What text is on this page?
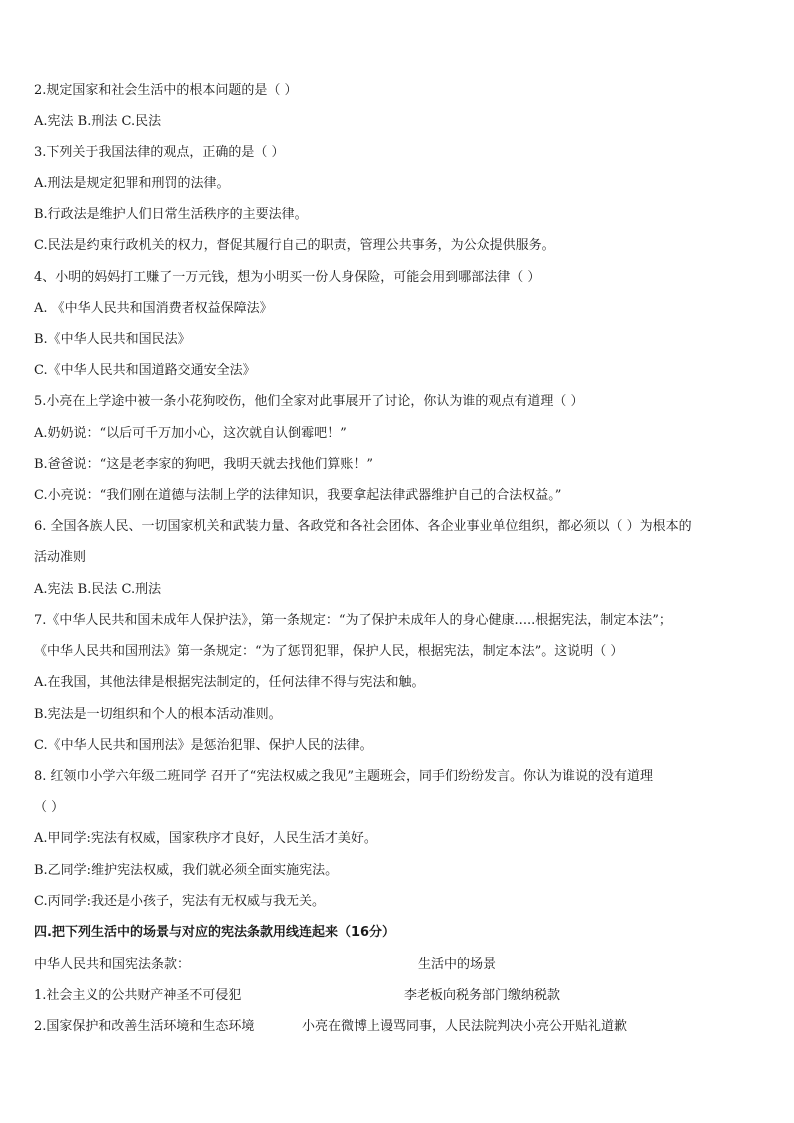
2.规定国家和社会生活中的根本问题的是（ ）
A.宪法 B.刑法 C.民法
3.下列关于我国法律的观点，正确的是（ ）
A.刑法是规定犯罪和刑罚的法律。
B.行政法是维护人们日常生活秩序的主要法律。
C.民法是约束行政机关的权力，督促其履行自己的职责，管理公共事务，为公众提供服务。
4、小明的妈妈打工赚了一万元钱，想为小明买一份人身保险，可能会用到哪部法律（ ）
A. 《中华人民共和国消费者权益保障法》
B.《中华人民共和国民法》
C.《中华人民共和国道路交通安全法》
5.小亮在上学途中被一条小花狗咬伤，他们全家对此事展开了讨论，你认为谁的观点有道理（ ）
A.奶奶说：“以后可千万加小心，这次就自认倒霉吧！”
B.爸爸说：“这是老李家的狗吧，我明天就去找他们算账！”
C.小亮说：“我们刚在道德与法制上学的法律知识，我要拿起法律武器维护自己的合法权益。”
6. 全国各族人民、一切国家机关和武装力量、各政党和各社会团体、各企业事业单位组织，都必须以（ ）为根本的
活动准则
A.宪法 B.民法 C.刑法
7.《中华人民共和国未成年人保护法》，第一条规定：“为了保护未成年人的身心健康.....根据宪法，制定本法”；
《中华人民共和国刑法》第一条规定：“为了惩罚犯罪，保护人民，根据宪法，制定本法”。这说明（ ）
A.在我国，其他法律是根据宪法制定的，任何法律不得与宪法和触。
B.宪法是一切组织和个人的根本活动准则。
C.《中华人民共和国刑法》是惩治犯罪、保护人民的法律。
8. 红领巾小学六年级二班同学 召开了“宪法权威之我见”主题班会，同手们纷纷发言。你认为谁说的没有道理
（ ）
A.甲同学:宪法有权威，国家秩序才良好，人民生活才美好。
B.乙同学:维护宪法权威，我们就必须全面实施宪法。
C.丙同学:我还是小孩子，宪法有无权威与我无关。
四.把下列生活中的场景与对应的宪法条款用线连起来（16分）
中华人民共和国宪法条款：	生活中的场景
1.社会主义的公共财产神圣不可侵犯	李老板向税务部门缴纳税款
2.国家保护和改善生活环境和生态环境	小亮在微博上谩骂同事，人民法院判决小亮公开贴礼道歉
